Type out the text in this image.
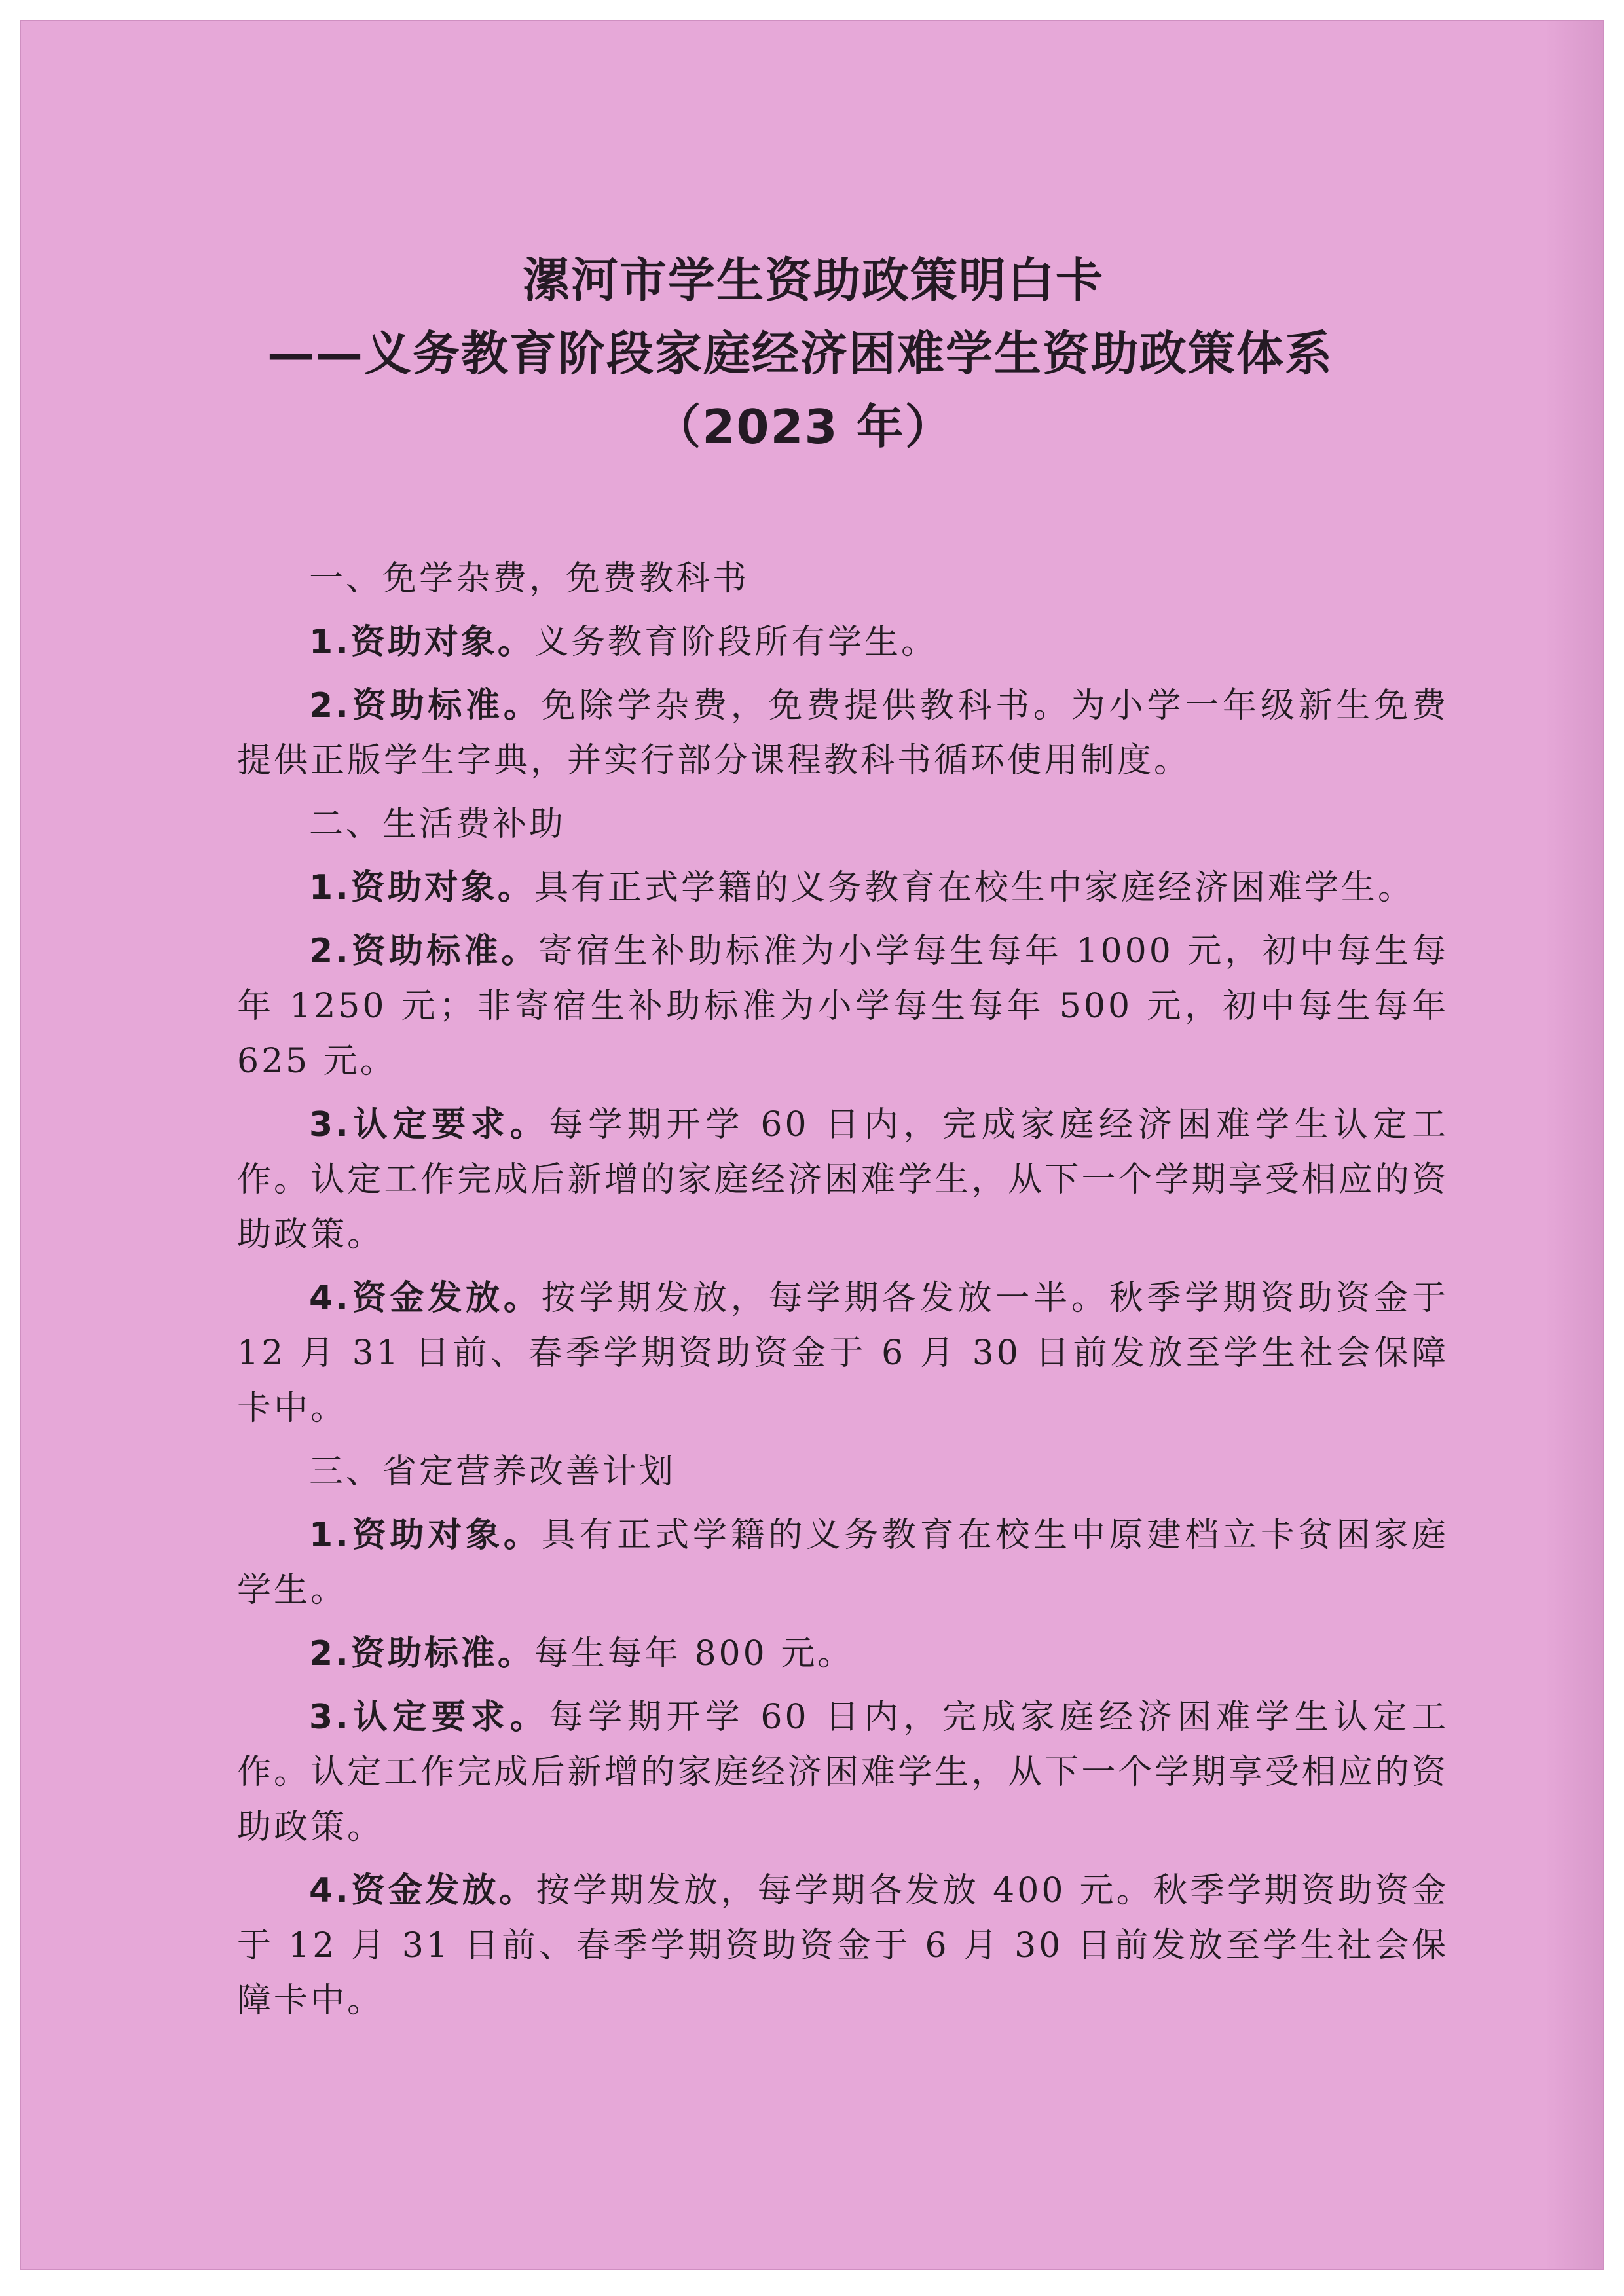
漯河市学生资助政策明白卡
——义务教育阶段家庭经济困难学生资助政策体系
（2023 年）
一、免学杂费，免费教科书

1.资助对象。义务教育阶段所有学生。

2.资助标准。免除学杂费，免费提供教科书。为小学一年级新生免费提供正版学生字典，并实行部分课程教科书循环使用制度。

二、生活费补助

1.资助对象。具有正式学籍的义务教育在校生中家庭经济困难学生。

2.资助标准。寄宿生补助标准为小学每生每年 1000 元，初中每生每年 1250 元；非寄宿生补助标准为小学每生每年 500 元，初中每生每年 625 元。

3.认定要求。每学期开学 60 日内，完成家庭经济困难学生认定工作。认定工作完成后新增的家庭经济困难学生，从下一个学期享受相应的资助政策。

4.资金发放。按学期发放，每学期各发放一半。秋季学期资助资金于 12 月 31 日前、春季学期资助资金于 6 月 30 日前发放至学生社会保障卡中。

三、省定营养改善计划

1.资助对象。具有正式学籍的义务教育在校生中原建档立卡贫困家庭学生。

2.资助标准。每生每年 800 元。

3.认定要求。每学期开学 60 日内，完成家庭经济困难学生认定工作。认定工作完成后新增的家庭经济困难学生，从下一个学期享受相应的资助政策。

4.资金发放。按学期发放，每学期各发放 400 元。秋季学期资助资金于 12 月 31 日前、春季学期资助资金于 6 月 30 日前发放至学生社会保障卡中。
